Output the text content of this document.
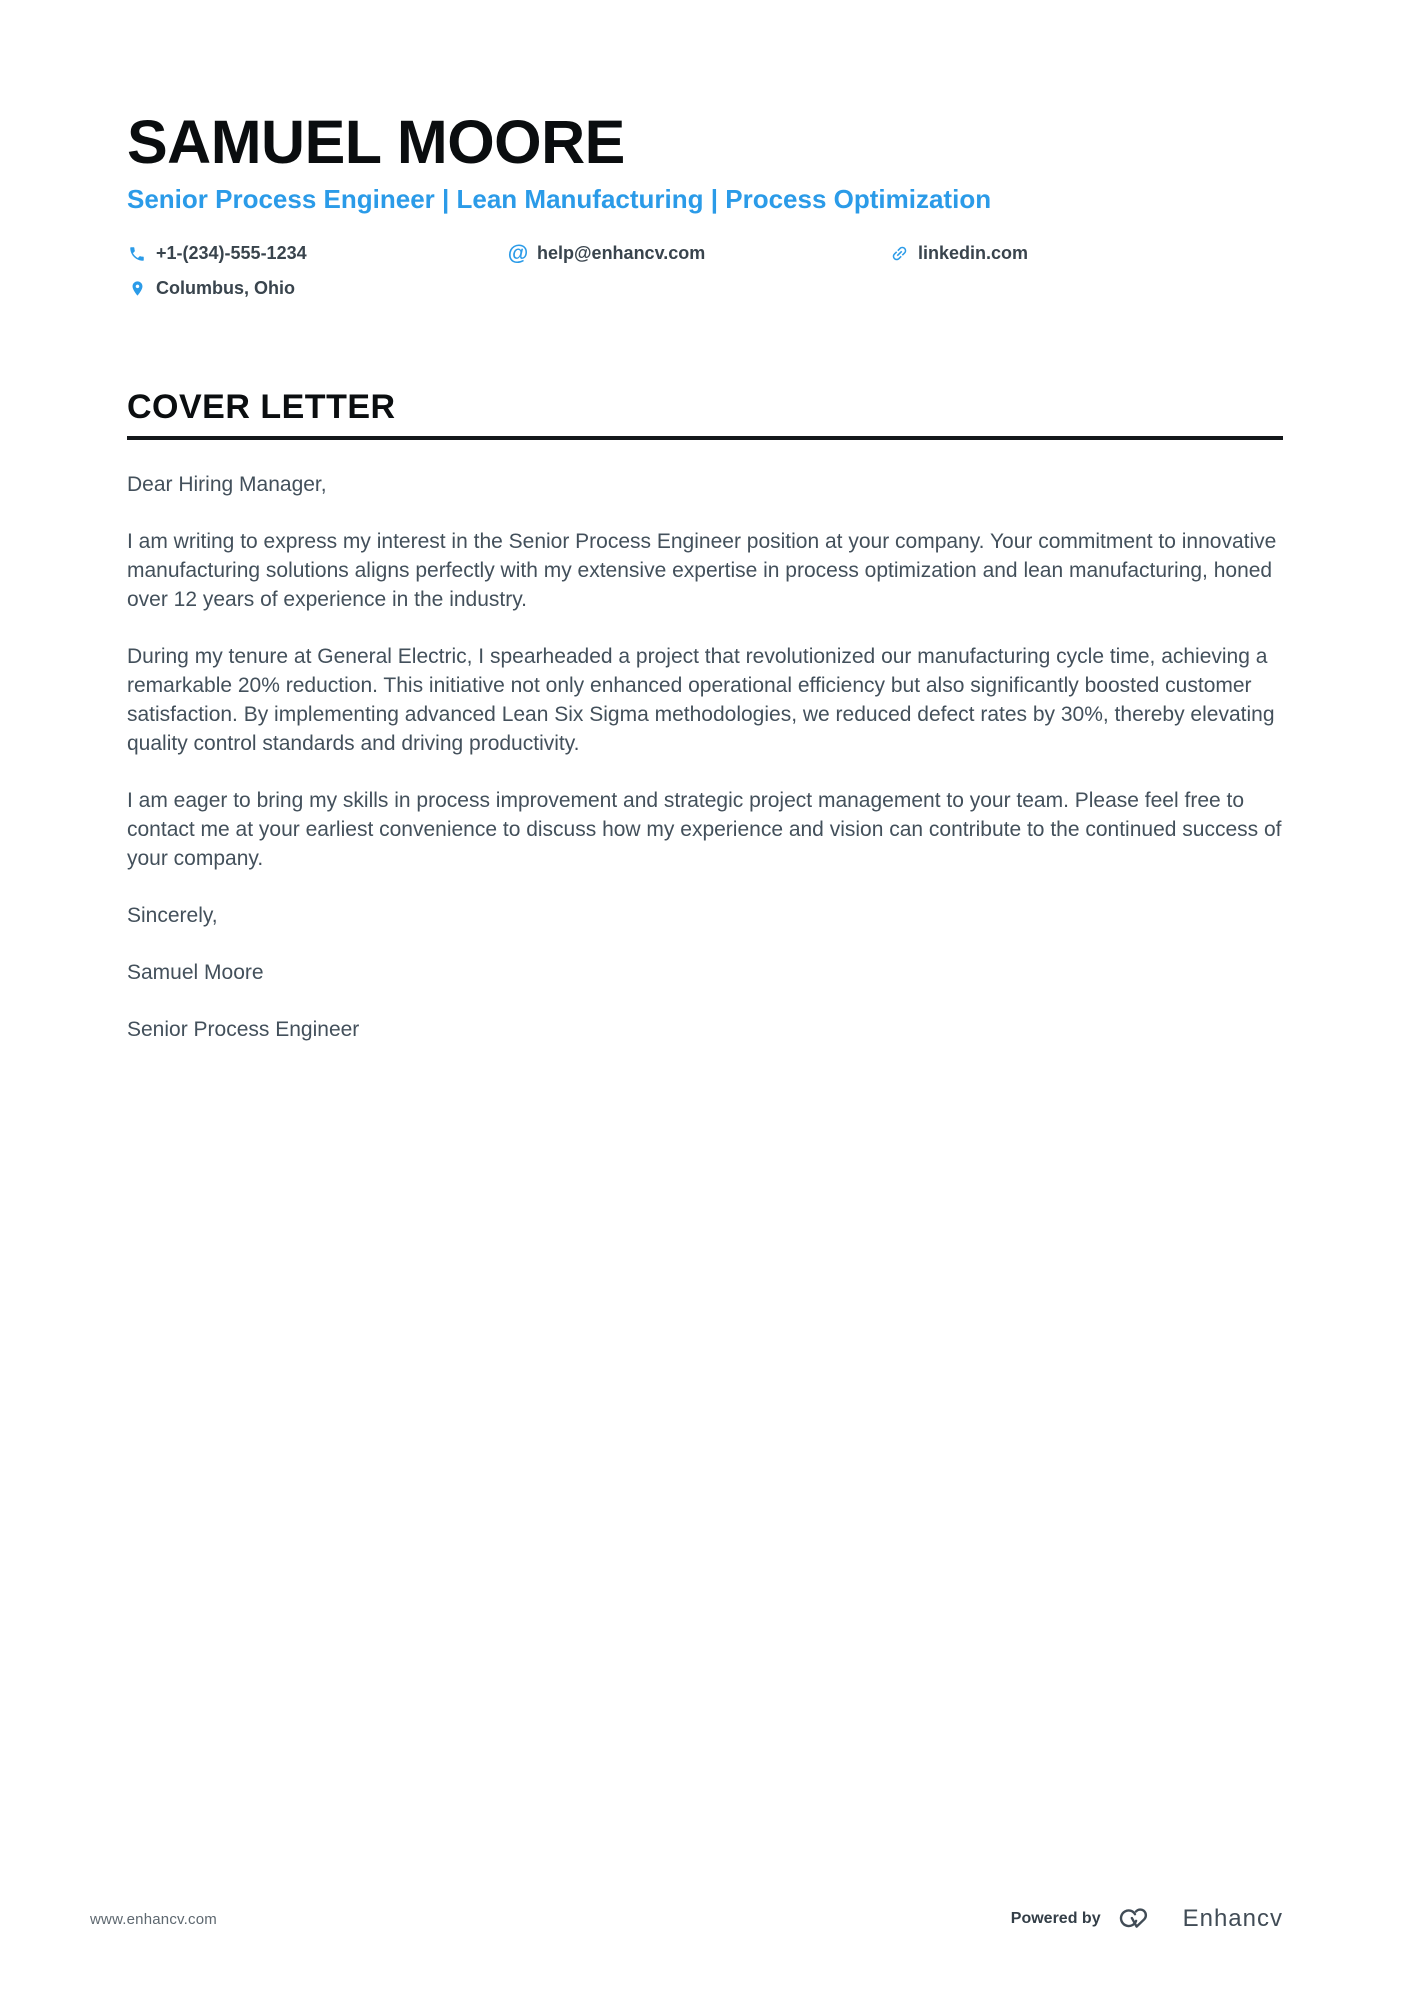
SAMUEL MOORE
Senior Process Engineer | Lean Manufacturing | Process Optimization
+1-(234)-555-1234	@ help@enhancv.com	linkedin.com
Columbus, Ohio
COVER LETTER

Dear Hiring Manager,

I am writing to express my interest in the Senior Process Engineer position at your company. Your commitment to innovative manufacturing solutions aligns perfectly with my extensive expertise in process optimization and lean manufacturing, honed over 12 years of experience in the industry.

During my tenure at General Electric, I spearheaded a project that revolutionized our manufacturing cycle time, achieving a remarkable 20% reduction. This initiative not only enhanced operational efficiency but also significantly boosted customer satisfaction. By implementing advanced Lean Six Sigma methodologies, we reduced defect rates by 30%, thereby elevating quality control standards and driving productivity.

I am eager to bring my skills in process improvement and strategic project management to your team. Please feel free to contact me at your earliest convenience to discuss how my experience and vision can contribute to the continued success of your company.

Sincerely,

Samuel Moore

Senior Process Engineer

www.enhancv.com	Powered by	Enhancv
